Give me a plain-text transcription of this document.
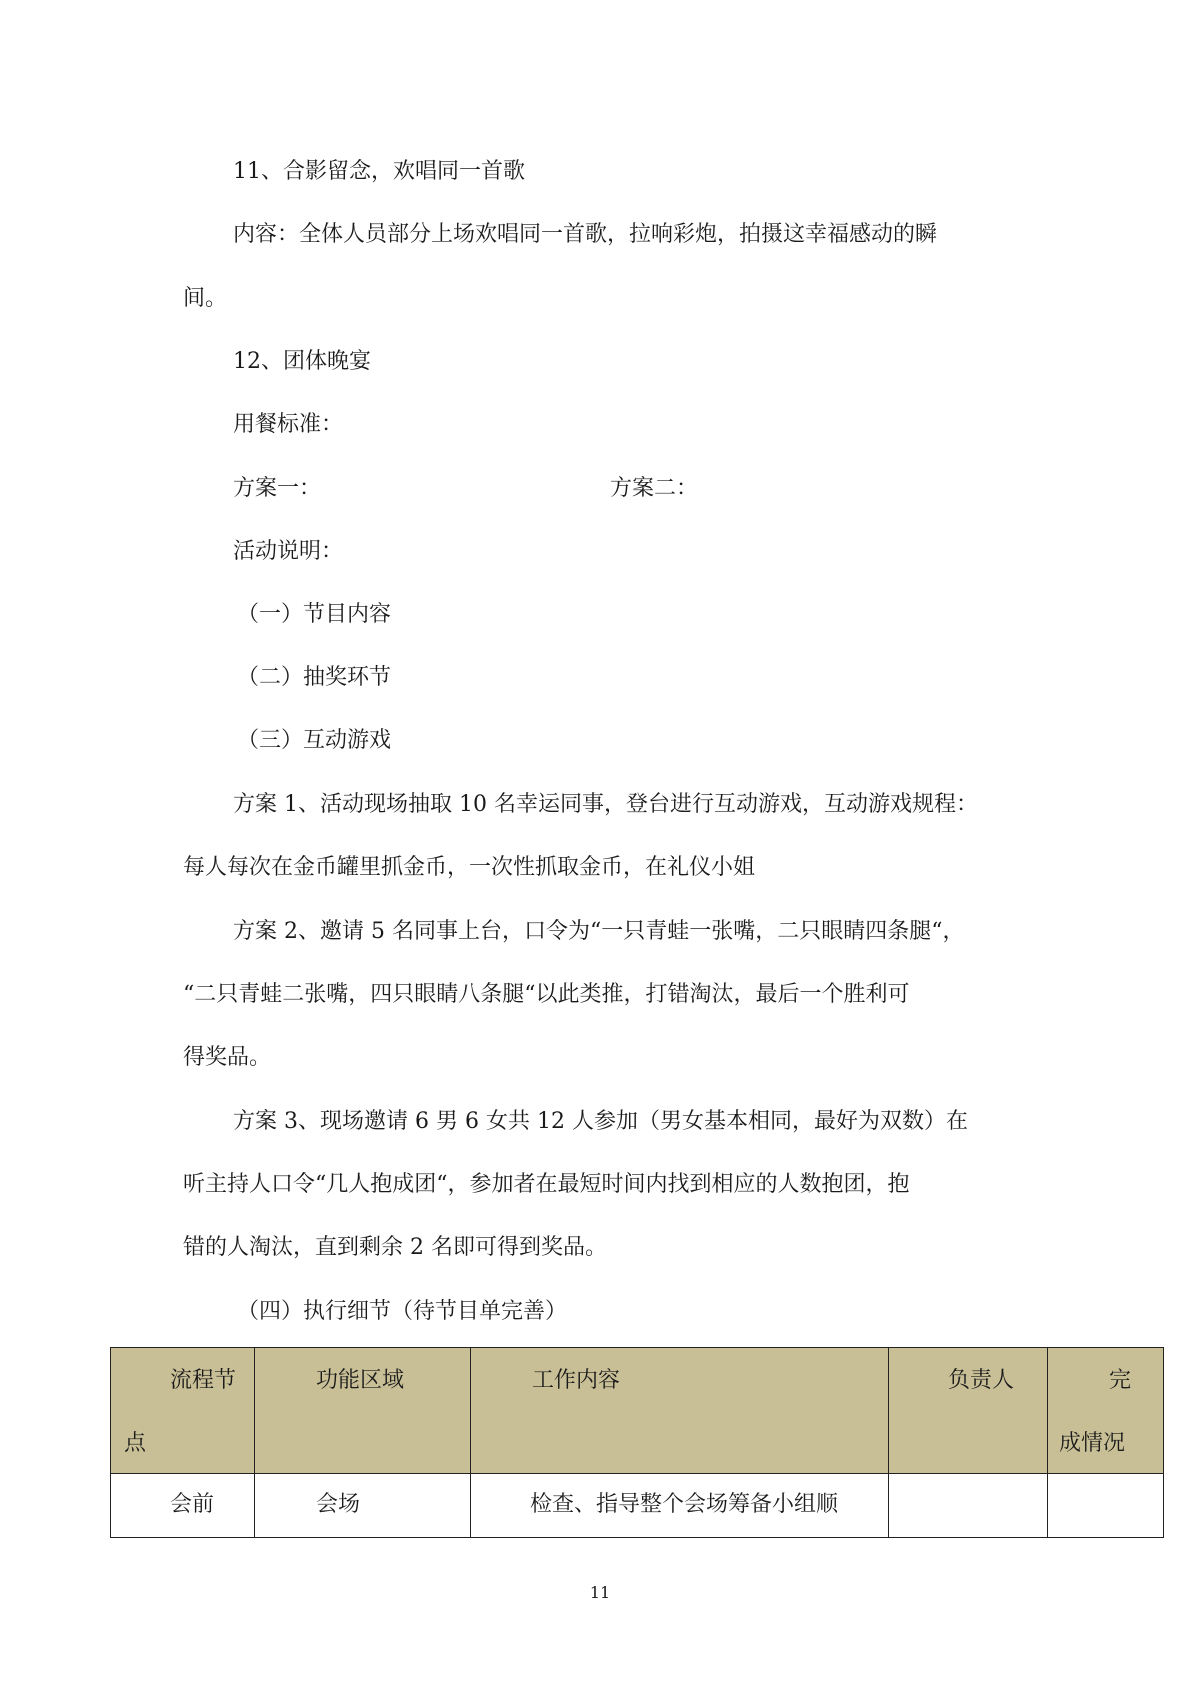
11、合影留念，欢唱同一首歌
内容：全体人员部分上场欢唱同一首歌，拉响彩炮，拍摄这幸福感动的瞬
间。
12、团体晚宴
用餐标准：
方案一：	方案二：
活动说明：
（一）节目内容
（二）抽奖环节
（三）互动游戏
方案 1、活动现场抽取 10 名幸运同事，登台进行互动游戏，互动游戏规程：
每人每次在金币罐里抓金币，一次性抓取金币，在礼仪小姐
方案 2、邀请 5 名同事上台，口令为“一只青蛙一张嘴，二只眼睛四条腿“，
“二只青蛙二张嘴，四只眼睛八条腿“以此类推，打错淘汰，最后一个胜利可
得奖品。
方案 3、现场邀请 6 男 6 女共 12 人参加（男女基本相同，最好为双数）在
听主持人口令“几人抱成团“，参加者在最短时间内找到相应的人数抱团，抱
错的人淘汰，直到剩余 2 名即可得到奖品。
（四）执行细节（待节目单完善）
流程节
点	功能区域	工作内容	负责人	完
成情况

会前	会场	检查、指导整个会场筹备小组顺		

11
